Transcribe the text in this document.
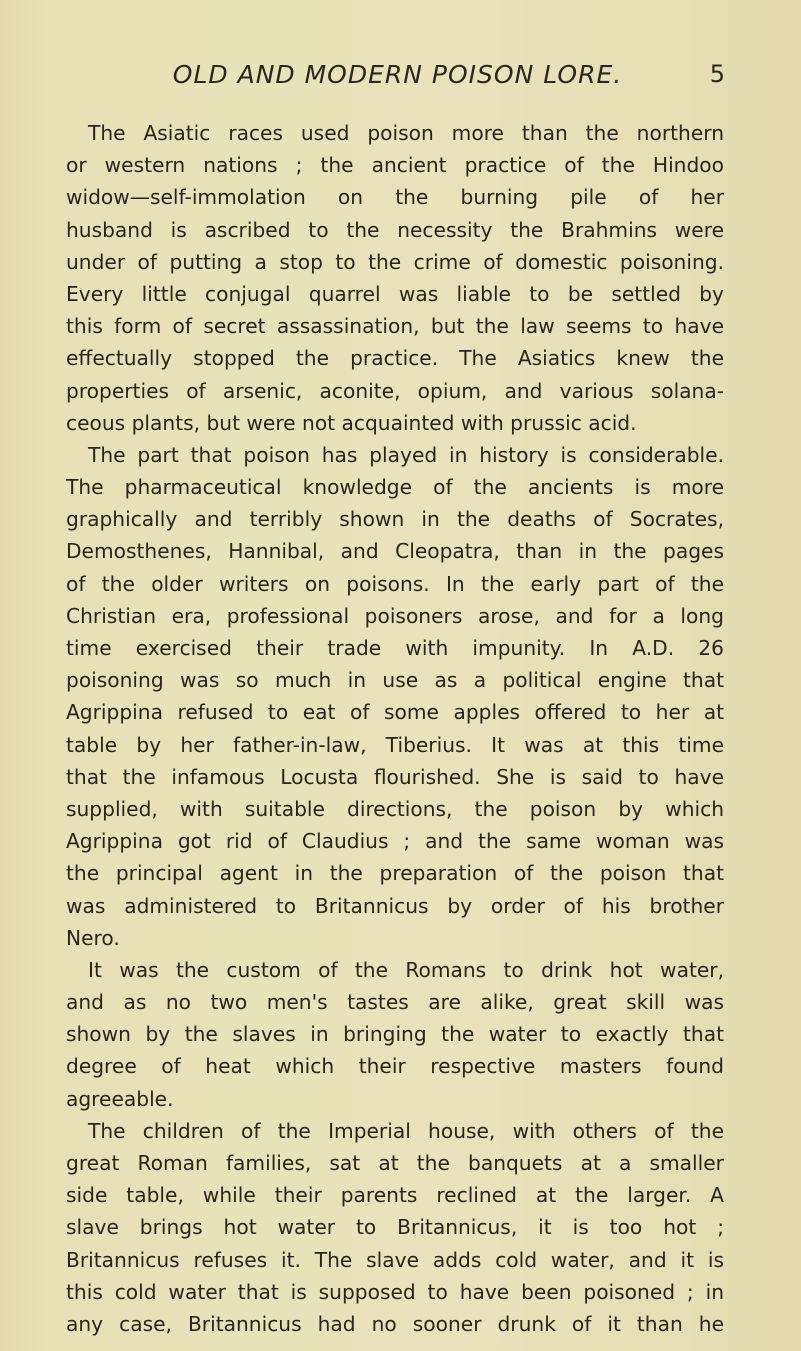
OLD AND MODERN POISON LORE.	5
The Asiatic races used poison more than the northern
or western nations ; the ancient practice of the Hindoo
widow—self-immolation on the burning pile of her
husband is ascribed to the necessity the Brahmins were
under of putting a stop to the crime of domestic poisoning.
Every little conjugal quarrel was liable to be settled by
this form of secret assassination, but the law seems to have
effectually stopped the practice. The Asiatics knew the
properties of arsenic, aconite, opium, and various solana-
ceous plants, but were not acquainted with prussic acid.
The part that poison has played in history is considerable.
The pharmaceutical knowledge of the ancients is more
graphically and terribly shown in the deaths of Socrates,
Demosthenes, Hannibal, and Cleopatra, than in the pages
of the older writers on poisons. In the early part of the
Christian era, professional poisoners arose, and for a long
time exercised their trade with impunity. In A.D. 26
poisoning was so much in use as a political engine that
Agrippina refused to eat of some apples offered to her at
table by her father-in-law, Tiberius. It was at this time
that the infamous Locusta flourished. She is said to have
supplied, with suitable directions, the poison by which
Agrippina got rid of Claudius ; and the same woman was
the principal agent in the preparation of the poison that
was administered to Britannicus by order of his brother
Nero.
It was the custom of the Romans to drink hot water,
and as no two men's tastes are alike, great skill was
shown by the slaves in bringing the water to exactly that
degree of heat which their respective masters found
agreeable.
The children of the Imperial house, with others of the
great Roman families, sat at the banquets at a smaller
side table, while their parents reclined at the larger. A
slave brings hot water to Britannicus, it is too hot ;
Britannicus refuses it. The slave adds cold water, and it is
this cold water that is supposed to have been poisoned ; in
any case, Britannicus had no sooner drunk of it than he
